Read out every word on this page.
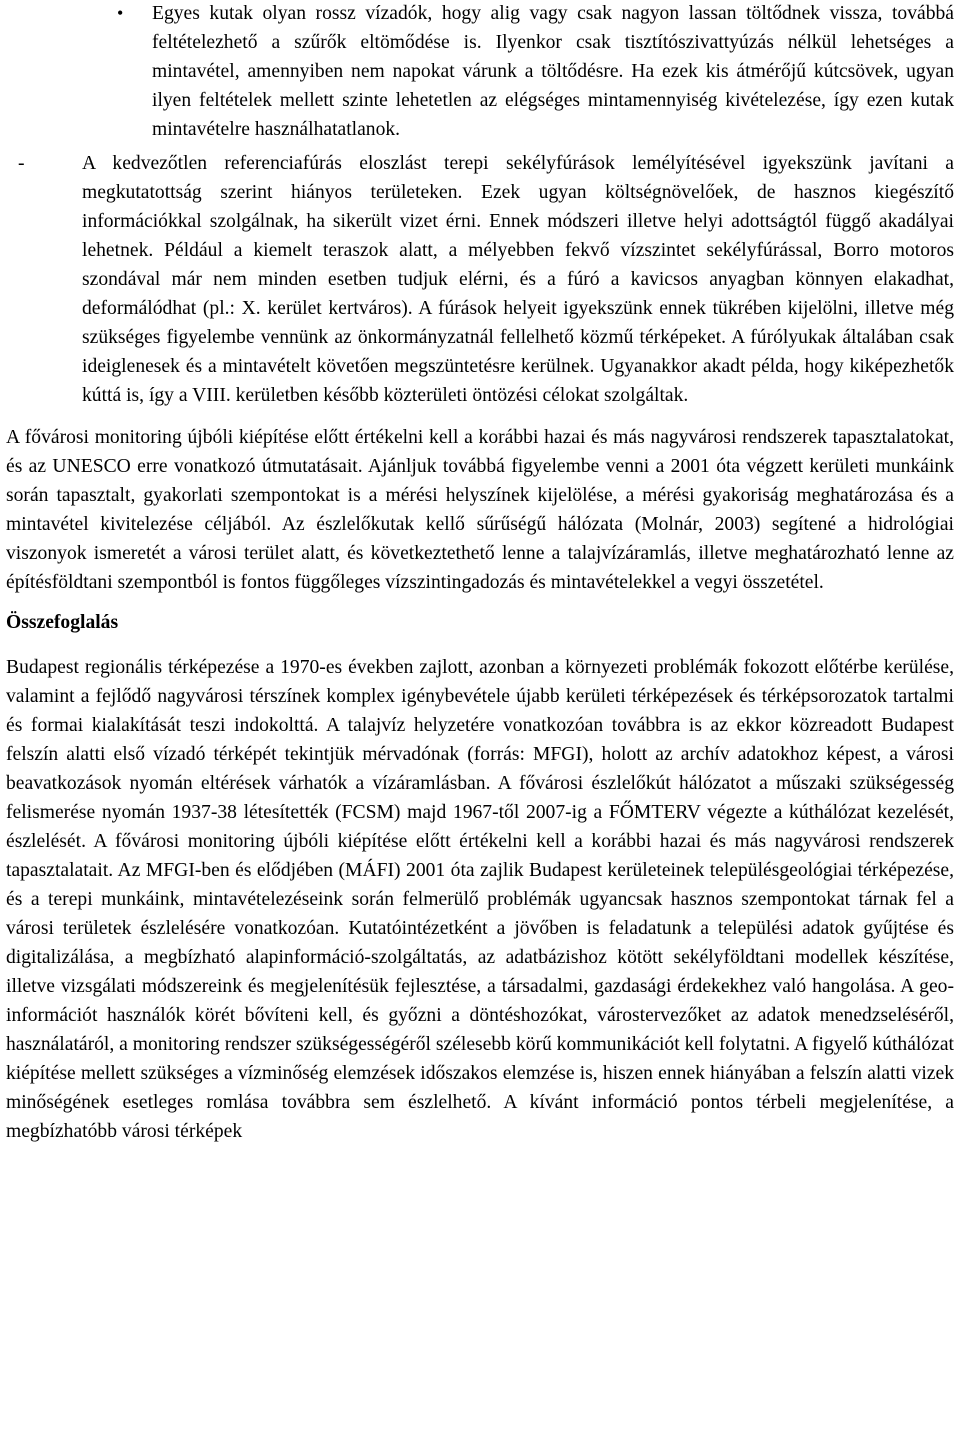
• Egyes kutak olyan rossz vízadók, hogy alig vagy csak nagyon lassan töltődnek vissza, továbbá feltételezhető a szűrők eltömődése is. Ilyenkor csak tisztítószivattyúzás nélkül lehetséges a mintavétel, amennyiben nem napokat várunk a töltődésre. Ha ezek kis átmérőjű kútcsövek, ugyan ilyen feltételek mellett szinte lehetetlen az elégséges mintamennyiség kivételezése, így ezen kutak mintavételre használhatatlanok.
-	A kedvezőtlen referenciafúrás eloszlást terepi sekélyfúrások lemélyítésével igyekszünk javítani a megkutatottság szerint hiányos területeken. Ezek ugyan költségnövelőek, de hasznos kiegészítő információkkal szolgálnak, ha sikerült vizet érni. Ennek módszeri illetve helyi adottságtól függő akadályai lehetnek. Például a kiemelt teraszok alatt, a mélyebben fekvő vízszintet sekélyfúrással, Borro motoros szondával már nem minden esetben tudjuk elérni, és a fúró a kavicsos anyagban könnyen elakadhat, deformálódhat (pl.: X. kerület kertváros). A fúrások helyeit igyekszünk ennek tükrében kijelölni, illetve még szükséges figyelembe vennünk az önkormányzatnál fellelhető közmű térképeket. A fúrólyukak általában csak ideiglenesek és a mintavételt követően megszüntetésre kerülnek. Ugyanakkor akadt példa, hogy kiképezhetők kúttá is, így a VIII. kerületben később közterületi öntözési célokat szolgáltak.

A fővárosi monitoring újbóli kiépítése előtt értékelni kell a korábbi hazai és más nagyvárosi rendszerek tapasztalatokat, és az UNESCO erre vonatkozó útmutatásait. Ajánljuk továbbá figyelembe venni a 2001 óta végzett kerületi munkáink során tapasztalt, gyakorlati szempontokat is a mérési helyszínek kijelölése, a mérési gyakoriság meghatározása és a mintavétel kivitelezése céljából. Az észlelőkutak kellő sűrűségű hálózata (Molnár, 2003) segítené a hidrológiai viszonyok ismeretét a városi terület alatt, és következtethető lenne a talajvízáramlás, illetve meghatározható lenne az építésföldtani szempontból is fontos függőleges vízszintingadozás és mintavételekkel a vegyi összetétel.

Összefoglalás

Budapest regionális térképezése a 1970-es években zajlott, azonban a környezeti problémák fokozott előtérbe kerülése, valamint a fejlődő nagyvárosi térszínek komplex igénybevétele újabb kerületi térképezések és térképsorozatok tartalmi és formai kialakítását teszi indokolttá. A talajvíz helyzetére vonatkozóan továbbra is az ekkor közreadott Budapest felszín alatti első vízadó térképét tekintjük mérvadónak (forrás: MFGI), holott az archív adatokhoz képest, a városi beavatkozások nyomán eltérések várhatók a vízáramlásban. A fővárosi észlelőkút hálózatot a műszaki szükségesség felismerése nyomán 1937-38 létesítették (FCSM) majd 1967-től 2007-ig a FŐMTERV végezte a kúthálózat kezelését, észlelését. A fővárosi monitoring újbóli kiépítése előtt értékelni kell a korábbi hazai és más nagyvárosi rendszerek tapasztalatait. Az MFGI-ben és elődjében (MÁFI) 2001 óta zajlik Budapest kerületeinek településgeológiai térképezése, és a terepi munkáink, mintavételezéseink során felmerülő problémák ugyancsak hasznos szempontokat tárnak fel a városi területek észlelésére vonatkozóan. Kutatóintézetként a jövőben is feladatunk a települési adatok gyűjtése és digitalizálása, a megbízható alapinformáció-szolgáltatás, az adatbázishoz kötött sekélyföldtani modellek készítése, illetve vizsgálati módszereink és megjelenítésük fejlesztése, a társadalmi, gazdasági érdekekhez való hangolása. A geo-információt használók körét bővíteni kell, és győzni a döntéshozókat, várostervezőket az adatok menedzseléséről, használatáról, a monitoring rendszer szükségességéről szélesebb körű kommunikációt kell folytatni. A figyelő kúthálózat kiépítése mellett szükséges a vízminőség elemzések időszakos elemzése is, hiszen ennek hiányában a felszín alatti vizek minőségének esetleges romlása továbbra sem észlelhető. A kívánt információ pontos térbeli megjelenítése, a megbízhatóbb városi térképek
